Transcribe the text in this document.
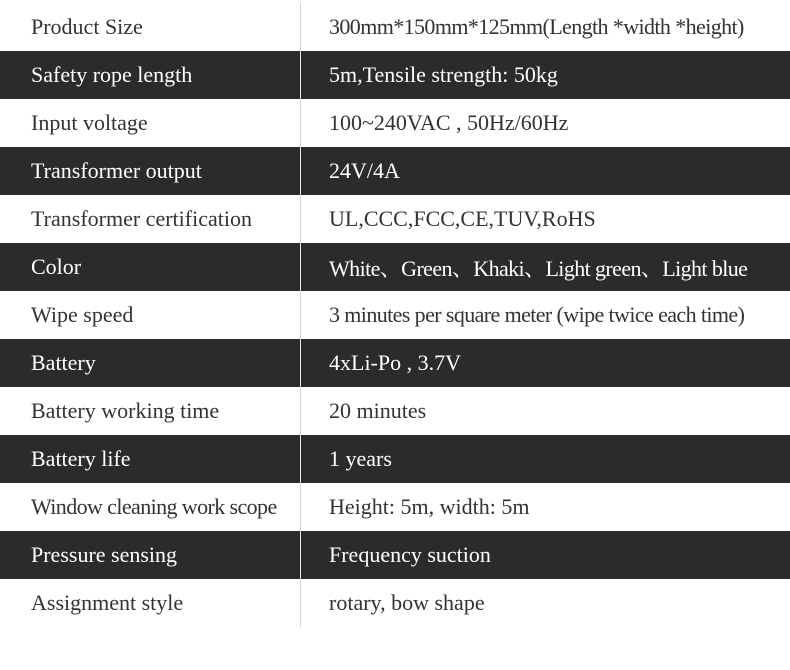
Product Size	300mm*150mm*125mm(Length *width *height)
Safety rope length	5m,Tensile strength: 50kg
Input voltage	100~240VAC , 50Hz/60Hz
Transformer output	24V/4A
Transformer certification	UL,CCC,FCC,CE,TUV,RoHS
Color	White、Green、Khaki、Light green、Light blue
Wipe speed	3 minutes per square meter (wipe twice each time)
Battery	4xLi-Po , 3.7V
Battery working time	20 minutes
Battery life	1 years
Window cleaning work scope	Height: 5m, width: 5m
Pressure sensing	Frequency suction
Assignment style	rotary, bow shape
